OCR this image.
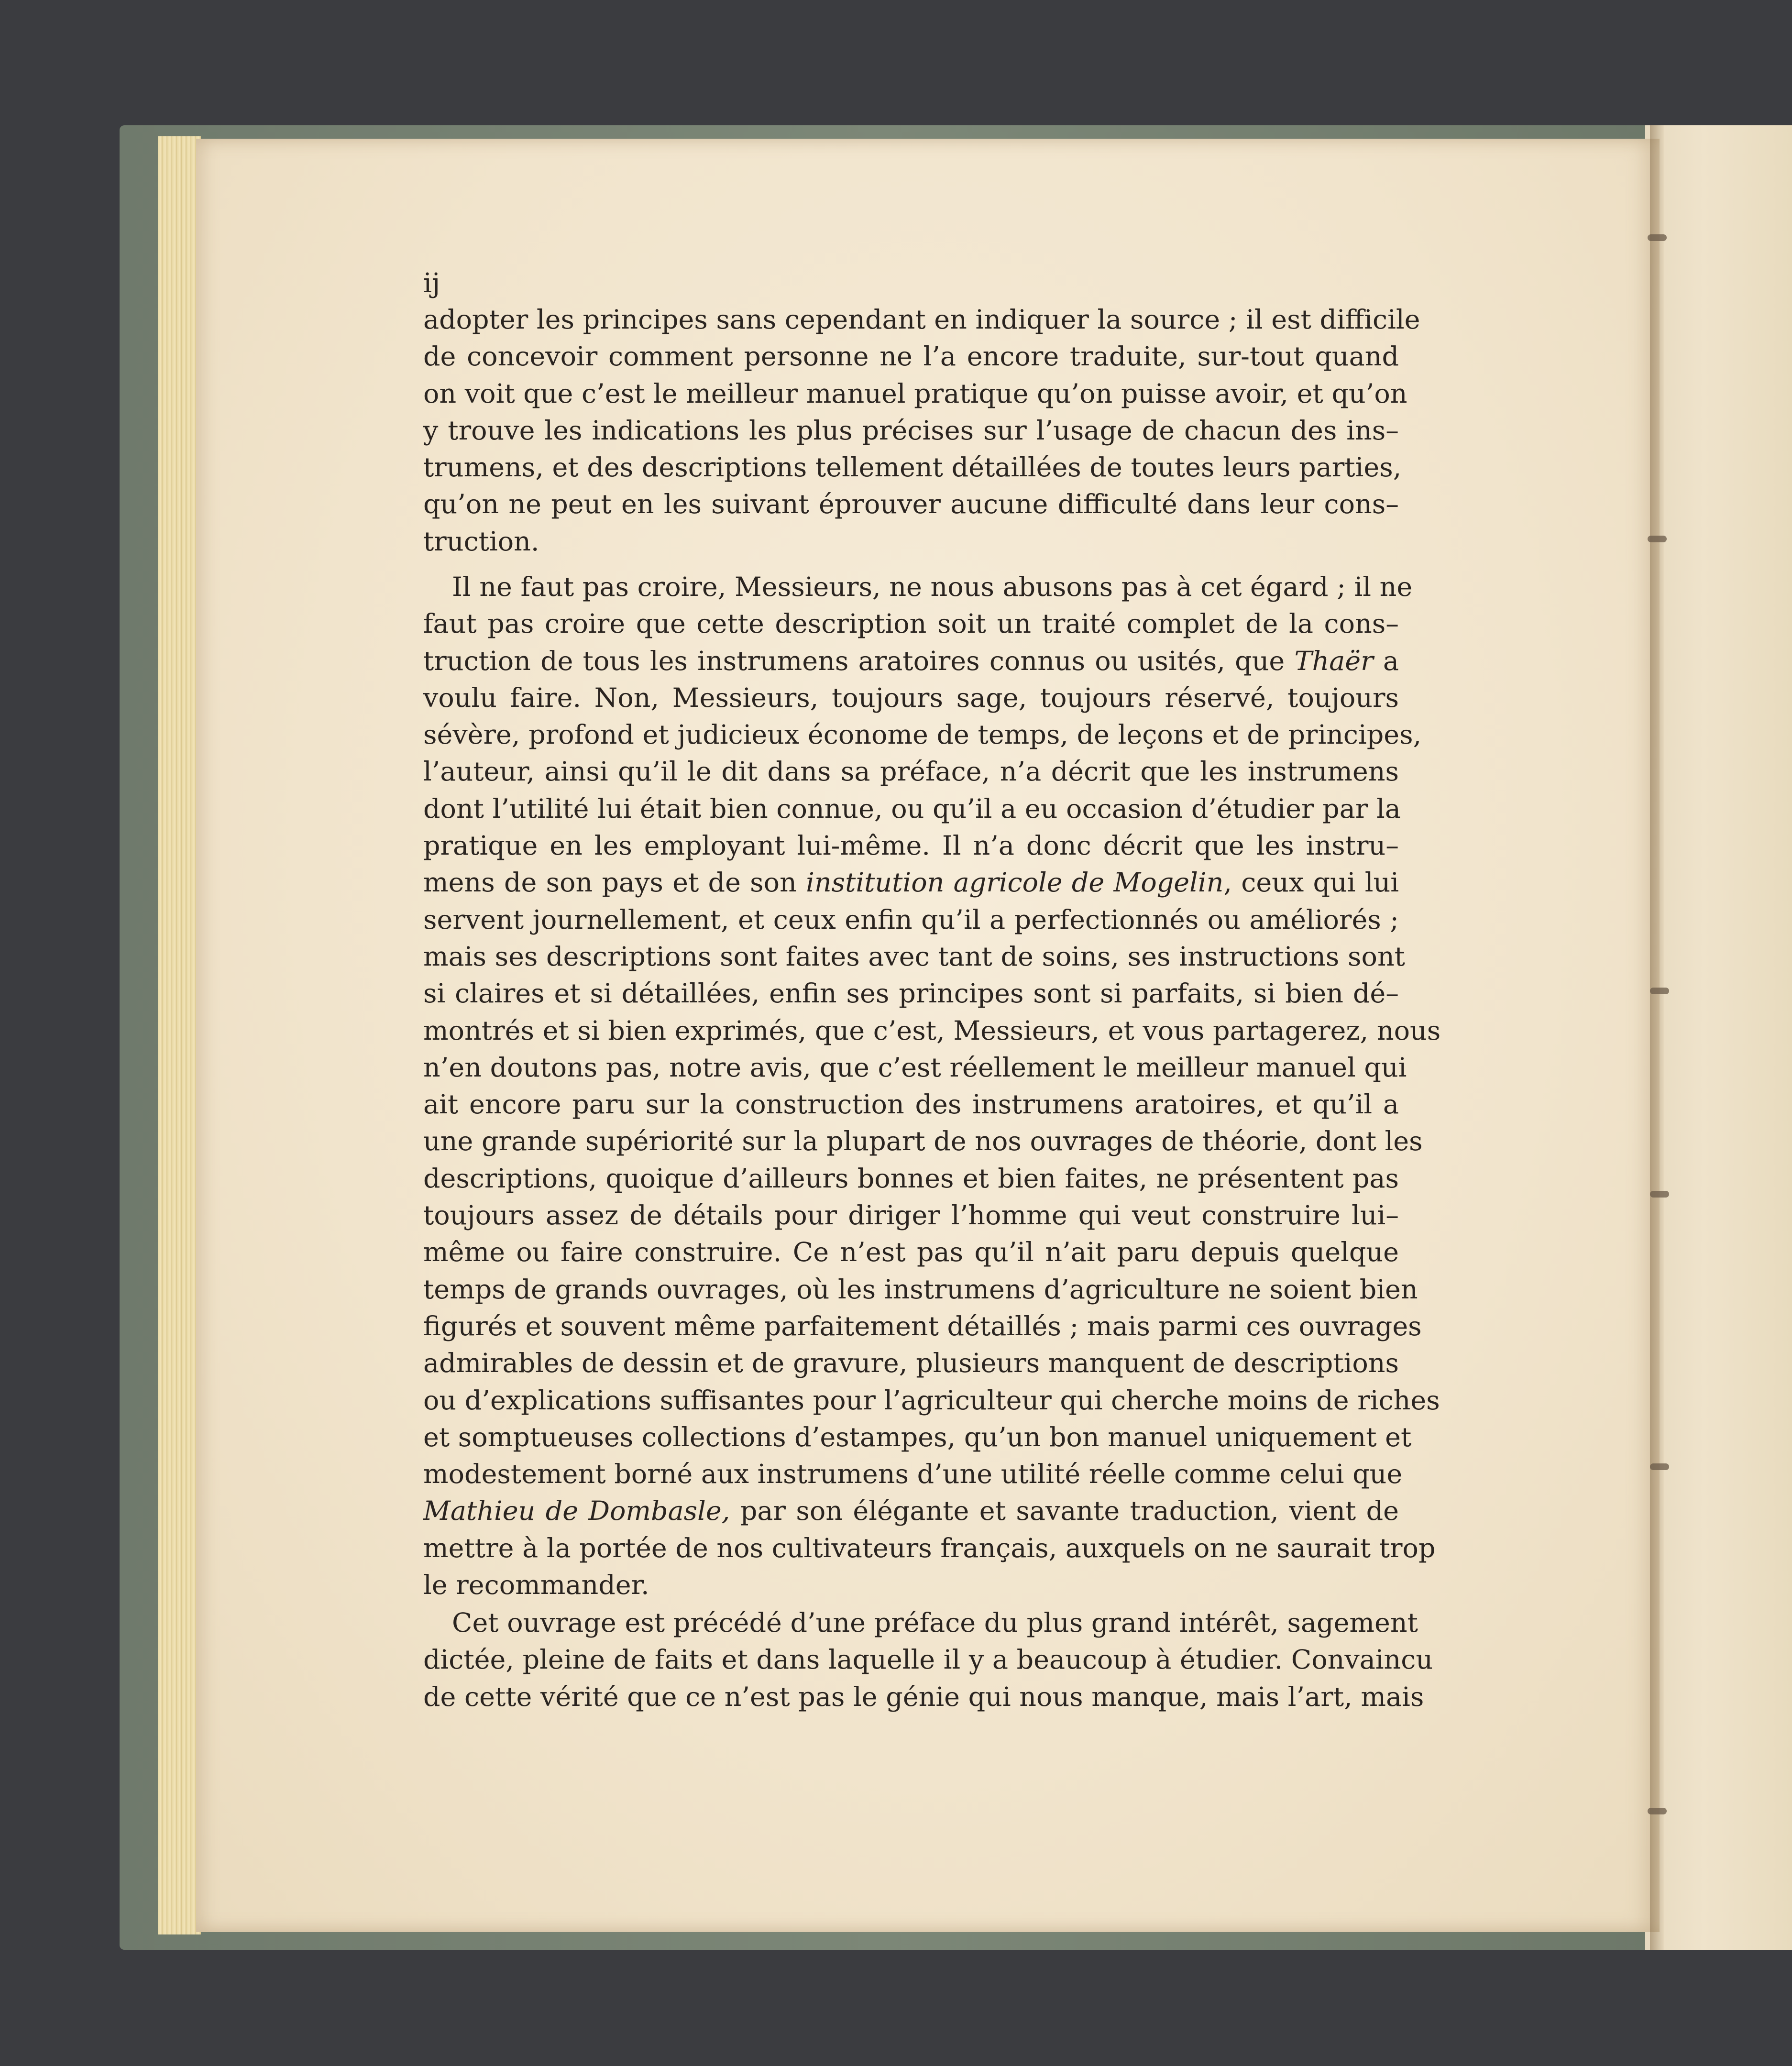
ij
adopter les principes sans cependant en indiquer la source ; il est difficile
de concevoir comment personne ne l’a encore traduite, sur-tout quand
on voit que c’est le meilleur manuel pratique qu’on puisse avoir, et qu’on
y trouve les indications les plus précises sur l’usage de chacun des ins–
trumens, et des descriptions tellement détaillées de toutes leurs parties,
qu’on ne peut en les suivant éprouver aucune difficulté dans leur cons–
truction.
Il ne faut pas croire, Messieurs, ne nous abusons pas à cet égard ; il ne
faut pas croire que cette description soit un traité complet de la cons–
truction de tous les instrumens aratoires connus ou usités, que Thaër a
voulu faire. Non, Messieurs, toujours sage, toujours réservé, toujours
sévère, profond et judicieux économe de temps, de leçons et de principes,
l’auteur, ainsi qu’il le dit dans sa préface, n’a décrit que les instrumens
dont l’utilité lui était bien connue, ou qu’il a eu occasion d’étudier par la
pratique en les employant lui-même. Il n’a donc décrit que les instru–
mens de son pays et de son institution agricole de Mogelin, ceux qui lui
servent journellement, et ceux enfin qu’il a perfectionnés ou améliorés ;
mais ses descriptions sont faites avec tant de soins, ses instructions sont
si claires et si détaillées, enfin ses principes sont si parfaits, si bien dé–
montrés et si bien exprimés, que c’est, Messieurs, et vous partagerez, nous
n’en doutons pas, notre avis, que c’est réellement le meilleur manuel qui
ait encore paru sur la construction des instrumens aratoires, et qu’il a
une grande supériorité sur la plupart de nos ouvrages de théorie, dont les
descriptions, quoique d’ailleurs bonnes et bien faites, ne présentent pas
toujours assez de détails pour diriger l’homme qui veut construire lui–
même ou faire construire. Ce n’est pas qu’il n’ait paru depuis quelque
temps de grands ouvrages, où les instrumens d’agriculture ne soient bien
figurés et souvent même parfaitement détaillés ; mais parmi ces ouvrages
admirables de dessin et de gravure, plusieurs manquent de descriptions
ou d’explications suffisantes pour l’agriculteur qui cherche moins de riches
et somptueuses collections d’estampes, qu’un bon manuel uniquement et
modestement borné aux instrumens d’une utilité réelle comme celui que
Mathieu de Dombasle, par son élégante et savante traduction, vient de
mettre à la portée de nos cultivateurs français, auxquels on ne saurait trop
le recommander.
Cet ouvrage est précédé d’une préface du plus grand intérêt, sagement
dictée, pleine de faits et dans laquelle il y a beaucoup à étudier. Convaincu
de cette vérité que ce n’est pas le génie qui nous manque, mais l’art, mais
